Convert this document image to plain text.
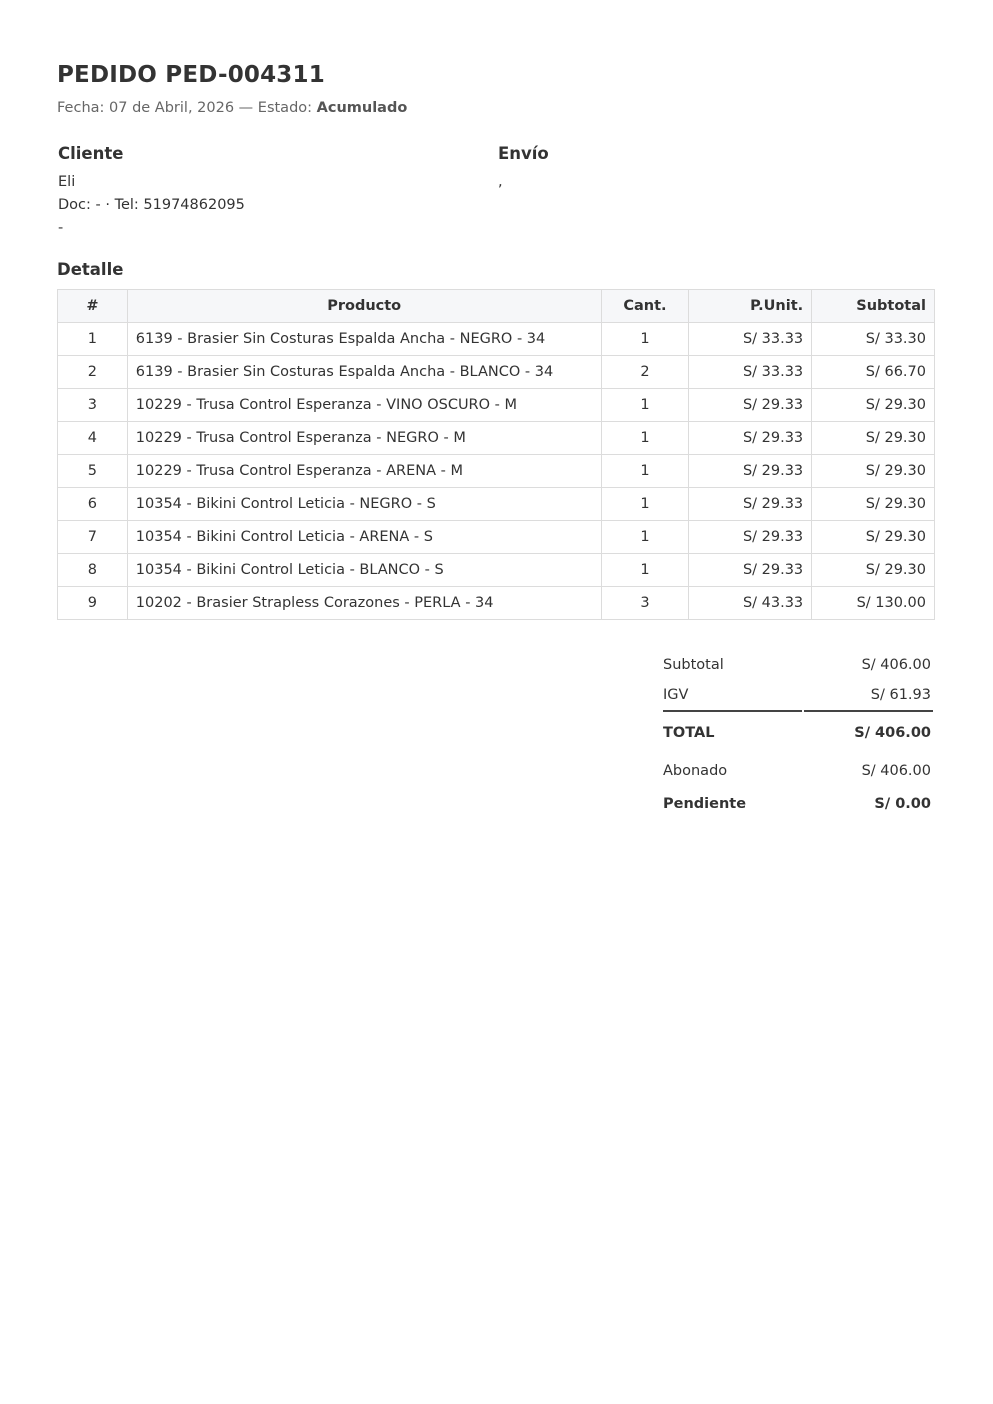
PEDIDO PED-004311
Fecha: 07 de Abril, 2026 — Estado: Acumulado
Cliente
Eli
Doc: - · Tel: 51974862095
-
Envío
,
Detalle
#	Producto	Cant.	P.Unit.	Subtotal
1	6139 - Brasier Sin Costuras Espalda Ancha - NEGRO - 34	1	S/ 33.33	S/ 33.30
2	6139 - Brasier Sin Costuras Espalda Ancha - BLANCO - 34	2	S/ 33.33	S/ 66.70
3	10229 - Trusa Control Esperanza - VINO OSCURO - M	1	S/ 29.33	S/ 29.30
4	10229 - Trusa Control Esperanza - NEGRO - M	1	S/ 29.33	S/ 29.30
5	10229 - Trusa Control Esperanza - ARENA - M	1	S/ 29.33	S/ 29.30
6	10354 - Bikini Control Leticia - NEGRO - S	1	S/ 29.33	S/ 29.30
7	10354 - Bikini Control Leticia - ARENA - S	1	S/ 29.33	S/ 29.30
8	10354 - Bikini Control Leticia - BLANCO - S	1	S/ 29.33	S/ 29.30
9	10202 - Brasier Strapless Corazones - PERLA - 34	3	S/ 43.33	S/ 130.00
Subtotal	S/ 406.00
IGV	S/ 61.93
TOTAL	S/ 406.00
Abonado	S/ 406.00
Pendiente	S/ 0.00
